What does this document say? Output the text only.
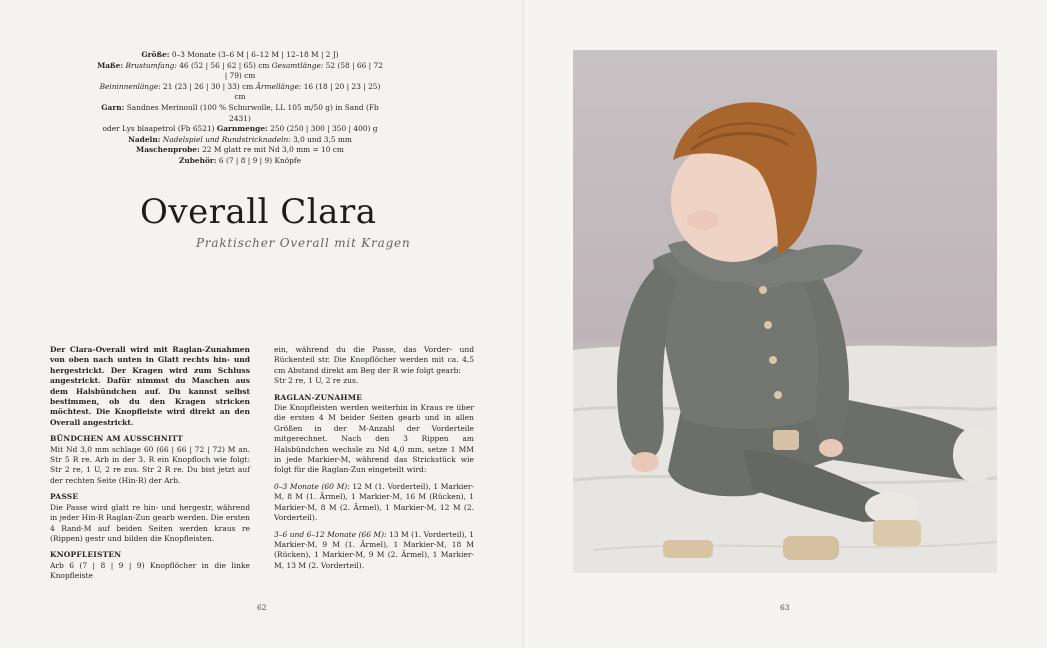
Größe: 0–3 Monate (3–6 M | 6–12 M | 12–18 M | 2 J)
Maße: Brustumfang: 46 (52 | 56 | 62 | 65) cm Gesamtlänge: 52 (58 | 66 | 72 | 79) cm
Beininnenlänge: 21 (23 | 26 | 30 | 33) cm Ärmellänge: 16 (18 | 20 | 23 | 25) cm
Garn: Sandnes Merinoull (100 % Schurwolle, LL 105 m/50 g) in Sand (Fb 2431)
oder Lys blaapetrol (Fb 6521) Garnmenge: 250 (250 | 300 | 350 | 400) g
Nadeln: Nadelspiel und Rundstricknadeln: 3,0 und 3,5 mm
Maschenprobe: 22 M glatt re mit Nd 3,0 mm = 10 cm
Zubehör: 6 (7 | 8 | 9 | 9) Knöpfe
Overall Clara
Praktischer Overall mit Kragen

Der Clara-Overall wird mit Raglan-Zunahmen von oben nach unten in Glatt rechts hin- und hergestrickt. Der Kragen wird zum Schluss angestrickt. Dafür nimmst du Maschen aus dem Halsbündchen auf. Du kannst selbst bestimmen, ob du den Kragen stricken möchtest. Die Knopfleiste wird direkt an den Overall angestrickt.

BÜNDCHEN AM AUSSCHNITT

Mit Nd 3,0 mm schlage 60 (66 | 66 | 72 | 72) M an. Str 5 R re. Arb in der 3. R ein Knopfloch wie folgt: Str 2 re, 1 U, 2 re zus. Str 2 R re. Du bist jetzt auf der rechten Seite (Hin-R) der Arb.

PASSE

Die Passe wird glatt re hin- und hergestr, während in jeder Hin-R Raglan-Zun gearb werden. Die ersten 4 Rand-M auf beiden Seiten werden kraus re (Rippen) gestr und bilden die Knopfleisten.

KNOPFLEISTEN

Arb 6 (7 | 8 | 9 | 9) Knopflöcher in die linke Knopfleiste

ein, während du die Passe, das Vorder- und Rückenteil str. Die Knopflöcher werden mit ca. 4,5 cm Abstand direkt am Beg der R wie folgt gearb:

Str 2 re, 1 U, 2 re zus.

RAGLAN-ZUNAHME

Die Knopfleisten werden weiterhin in Kraus re über die ersten 4 M beider Seiten gearb und in allen Größen in der M-Anzahl der Vorderteile mitgerechnet. Nach den 3 Rippen am Halsbündchen wechsle zu Nd 4,0 mm, setze 1 MM in jede Markier-M, während das Strickstück wie folgt für die Raglan-Zun eingeteilt wird:

0–3 Monate (60 M): 12 M (1. Vorderteil), 1 Markier-M, 8 M (1. Ärmel), 1 Markier-M, 16 M (Rücken), 1 Markier-M, 8 M (2. Ärmel), 1 Markier-M, 12 M (2. Vorderteil).

3–6 und 6–12 Monate (66 M): 13 M (1. Vorderteil), 1 Markier-M, 9 M (1. Ärmel), 1 Markier-M, 18 M (Rücken), 1 Markier-M, 9 M (2. Ärmel), 1 Markier-M, 13 M (2. Vorderteil).

62	63
